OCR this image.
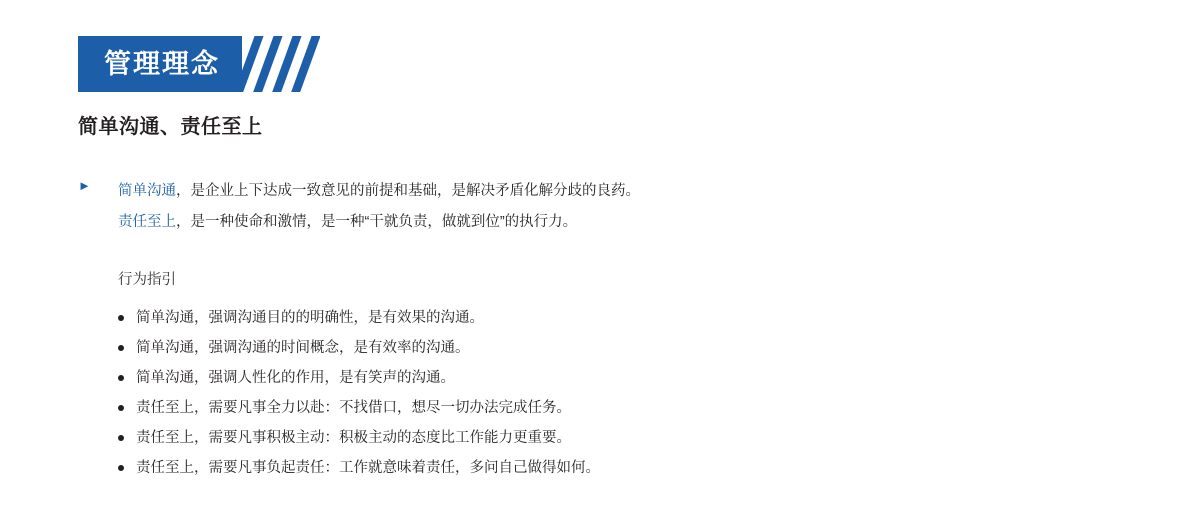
管理理念
简单沟通、责任至上
►	简单沟通，是企业上下达成一致意见的前提和基础，是解决矛盾化解分歧的良药。
责任至上，是一种使命和激情，是一种“干就负责，做就到位”的执行力。
行为指引
简单沟通，强调沟通目的的明确性，是有效果的沟通。
简单沟通，强调沟通的时间概念，是有效率的沟通。
简单沟通，强调人性化的作用，是有笑声的沟通。
责任至上，需要凡事全力以赴：不找借口，想尽一切办法完成任务。
责任至上，需要凡事积极主动：积极主动的态度比工作能力更重要。
责任至上，需要凡事负起责任：工作就意味着责任，多问自己做得如何。
